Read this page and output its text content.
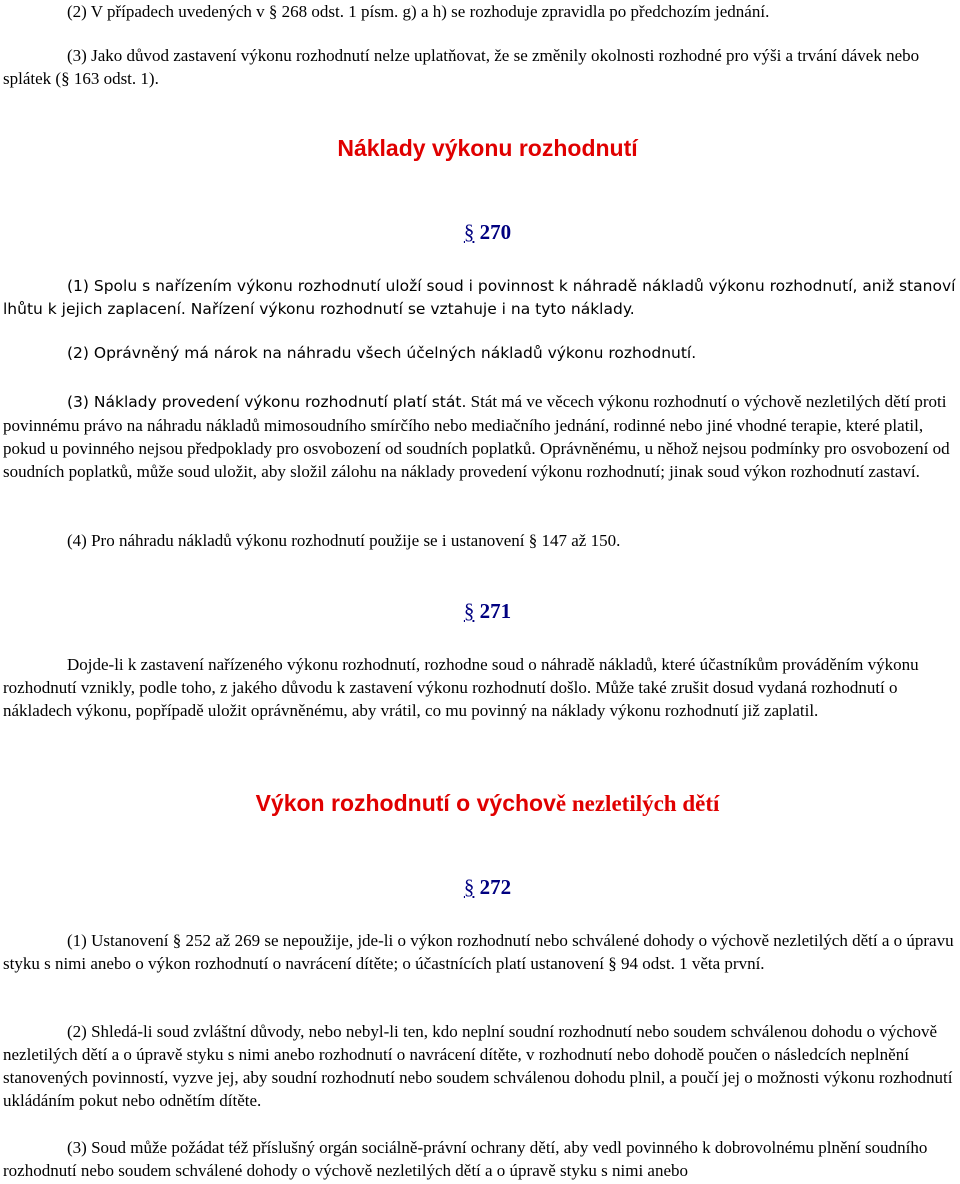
(2) V případech uvedených v § 268 odst. 1 písm. g) a h) se rozhoduje zpravidla po předchozím jednání.

(3) Jako důvod zastavení výkonu rozhodnutí nelze uplatňovat, že se změnily okolnosti rozhodné pro výši a trvání dávek nebo splátek (§ 163 odst. 1).

Náklady výkonu rozhodnutí
§ 270

(1) Spolu s nařízením výkonu rozhodnutí uloží soud i povinnost k náhradě nákladů výkonu rozhodnutí, aniž stanoví lhůtu k jejich zaplacení. Nařízení výkonu rozhodnutí se vztahuje i na tyto náklady.

(2) Oprávněný má nárok na náhradu všech účelných nákladů výkonu rozhodnutí.

(3) Náklady provedení výkonu rozhodnutí platí stát. Stát má ve věcech výkonu rozhodnutí o výchově nezletilých dětí proti povinnému právo na náhradu nákladů mimosoudního smírčího nebo mediačního jednání, rodinné nebo jiné vhodné terapie, které platil, pokud u povinného nejsou předpoklady pro osvobození od soudních poplatků. Oprávněnému, u něhož nejsou podmínky pro osvobození od soudních poplatků, může soud uložit, aby složil zálohu na náklady provedení výkonu rozhodnutí; jinak soud výkon rozhodnutí zastaví.

(4) Pro náhradu nákladů výkonu rozhodnutí použije se i ustanovení § 147 až 150.

§ 271

Dojde-li k zastavení nařízeného výkonu rozhodnutí, rozhodne soud o náhradě nákladů, které účastníkům prováděním výkonu rozhodnutí vznikly, podle toho, z jakého důvodu k zastavení výkonu rozhodnutí došlo. Může také zrušit dosud vydaná rozhodnutí o nákladech výkonu, popřípadě uložit oprávněnému, aby vrátil, co mu povinný na náklady výkonu rozhodnutí již zaplatil.

Výkon rozhodnutí o výchově nezletilých dětí
§ 272

(1) Ustanovení § 252 až 269 se nepoužije, jde-li o výkon rozhodnutí nebo schválené dohody o výchově nezletilých dětí a o úpravu styku s nimi anebo o výkon rozhodnutí o navrácení dítěte; o účastnících platí ustanovení § 94 odst. 1 věta první.

(2) Shledá-li soud zvláštní důvody, nebo nebyl-li ten, kdo neplní soudní rozhodnutí nebo soudem schválenou dohodu o výchově nezletilých dětí a o úpravě styku s nimi anebo rozhodnutí o navrácení dítěte, v rozhodnutí nebo dohodě poučen o následcích neplnění stanovených povinností, vyzve jej, aby soudní rozhodnutí nebo soudem schválenou dohodu plnil, a poučí jej o možnosti výkonu rozhodnutí ukládáním pokut nebo odnětím dítěte.

(3) Soud může požádat též příslušný orgán sociálně-právní ochrany dětí, aby vedl povinného k dobrovolnému plnění soudního rozhodnutí nebo soudem schválené dohody o výchově nezletilých dětí a o úpravě styku s nimi anebo
